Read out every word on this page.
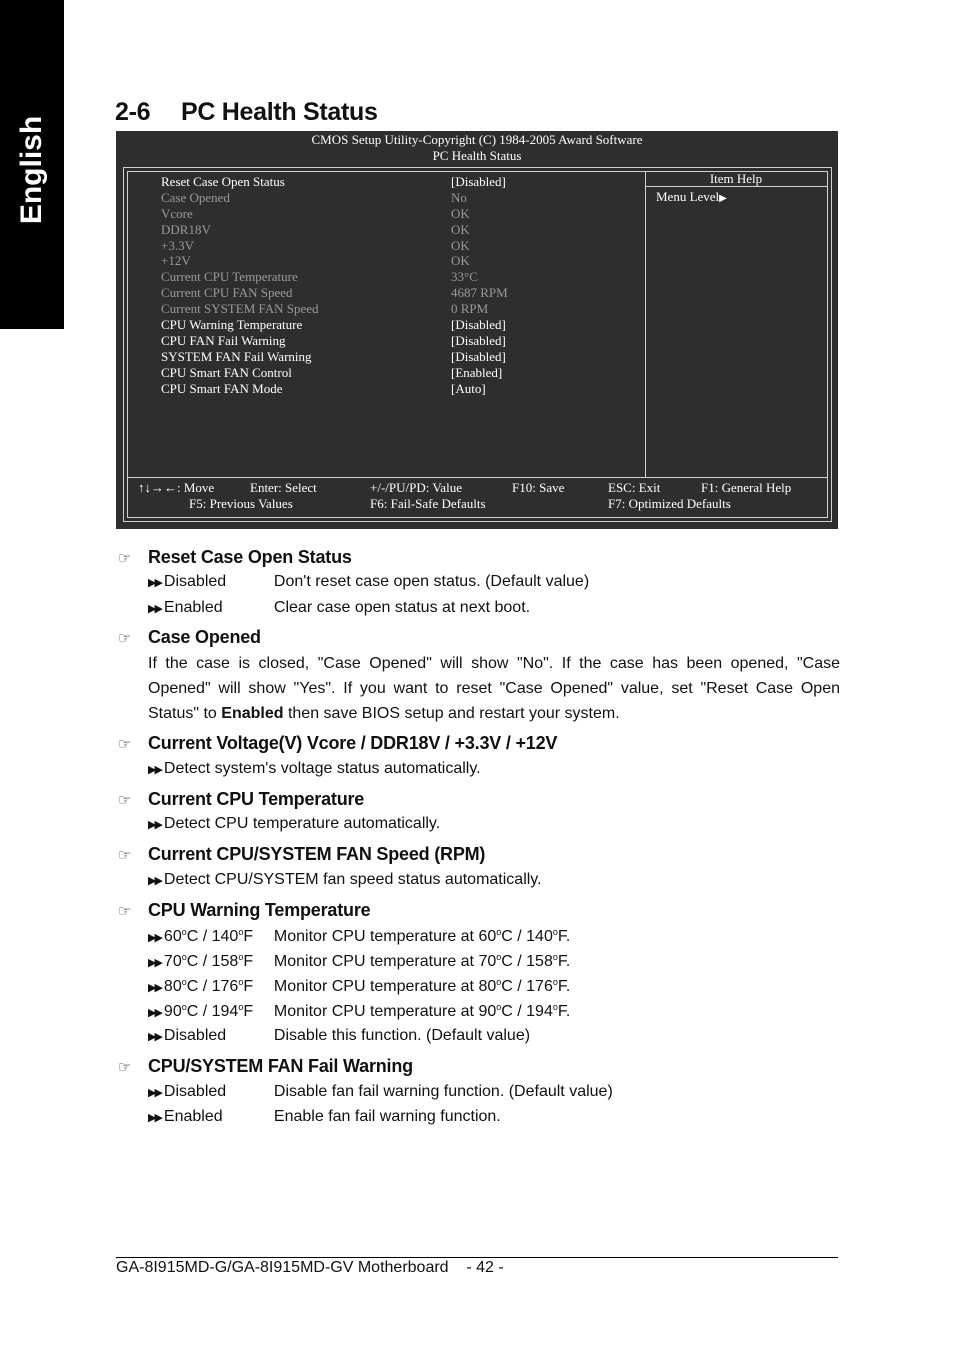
English
2-6 PC Health Status
CMOS Setup Utility-Copyright (C) 1984-2005 Award Software
PC Health Status
Item Help
Menu Level▶
Reset Case Open Status	[Disabled]
Case Opened	No
Vcore	OK
DDR18V	OK
+3.3V	OK
+12V	OK
Current CPU Temperature	33°C
Current CPU FAN Speed	4687 RPM
Current SYSTEM FAN Speed	0 RPM
CPU Warning Temperature	[Disabled]
CPU FAN Fail Warning	[Disabled]
SYSTEM FAN Fail Warning	[Disabled]
CPU Smart FAN Control	[Enabled]
CPU Smart FAN Mode	[Auto]
↑↓→←: Move	Enter: Select	+/-/PU/PD: Value	F10: Save	ESC: Exit	F1: General Help
F5: Previous Values	F6: Fail-Safe Defaults	F7: Optimized Defaults
☞ Reset Case Open Status
▶▶ Disabled	Don't reset case open status. (Default value)
▶▶ Enabled	Clear case open status at next boot.
☞ Case Opened
If the case is closed, "Case Opened" will show "No". If the case has been opened, "Case Opened" will show "Yes". If you want to reset "Case Opened" value, set "Reset Case Open Status" to Enabled then save BIOS setup and restart your system.
☞ Current Voltage(V) Vcore / DDR18V / +3.3V / +12V
▶▶ Detect system's voltage status automatically.
☞ Current CPU Temperature
▶▶ Detect CPU temperature automatically.
☞ Current CPU/SYSTEM FAN Speed (RPM)
▶▶ Detect CPU/SYSTEM fan speed status automatically.
☞ CPU Warning Temperature
▶▶ 60$^o$C / 140$^o$F Monitor CPU temperature at 60$^o$C / 140$^o$F.
▶▶ 70$^o$C / 158$^o$F Monitor CPU temperature at 70$^o$C / 158$^o$F.
▶▶ 80$^o$C / 176$^o$F Monitor CPU temperature at 80$^o$C / 176$^o$F.
▶▶ 90$^o$C / 194$^o$F Monitor CPU temperature at 90$^o$C / 194$^o$F.
▶▶ Disabled	Disable this function. (Default value)
☞ CPU/SYSTEM FAN Fail Warning
▶▶ Disabled	Disable fan fail warning function. (Default value)
▶▶ Enabled	Enable fan fail warning function.
GA-8I915MD-G/GA-8I915MD-GV Motherboard    - 42 -
